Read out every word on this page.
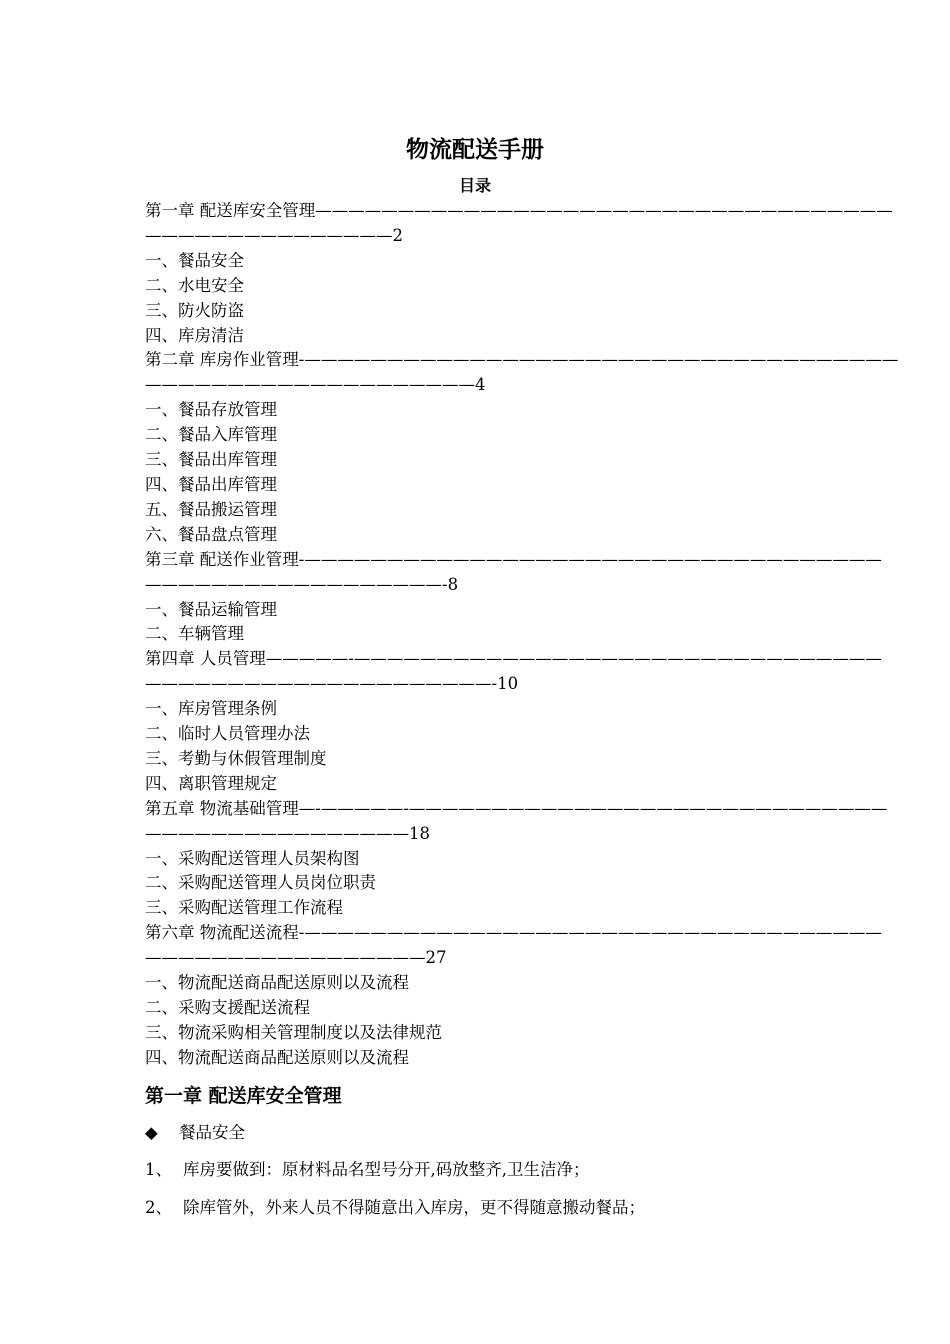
物流配送手册
目录
第一章 配送库安全管理———————————————————————————————————
———————————————2
一、餐品安全
二、水电安全
三、防火防盗
四、库房清洁
第二章 库房作业管理-————————————————————————————————————
————————————————————4
一、餐品存放管理
二、餐品入库管理
三、餐品出库管理
四、餐品出库管理
五、餐品搬运管理
六、餐品盘点管理
第三章 配送作业管理-———————————————————————————————————
——————————————————-8
一、餐品运输管理
二、车辆管理
第四章 人员管理—————-————————————————————————————————
—————————————————————-10
一、库房管理条例
二、临时人员管理办法
三、考勤与休假管理制度
四、离职管理规定
第五章 物流基础管理—-—————-—————————————————————————————
————————————————18
一、采购配送管理人员架构图
二、采购配送管理人员岗位职责
三、采购配送管理工作流程
第六章 物流配送流程-———————————————————————————————————
—————————————————27
一、物流配送商品配送原则以及流程
二、采购支援配送流程
三、物流采购相关管理制度以及法律规范
四、物流配送商品配送原则以及流程
第一章 配送库安全管理

◆ 餐品安全

1、 库房要做到：原材料品名型号分开,码放整齐,卫生洁净；

2、 除库管外，外来人员不得随意出入库房，更不得随意搬动餐品；
